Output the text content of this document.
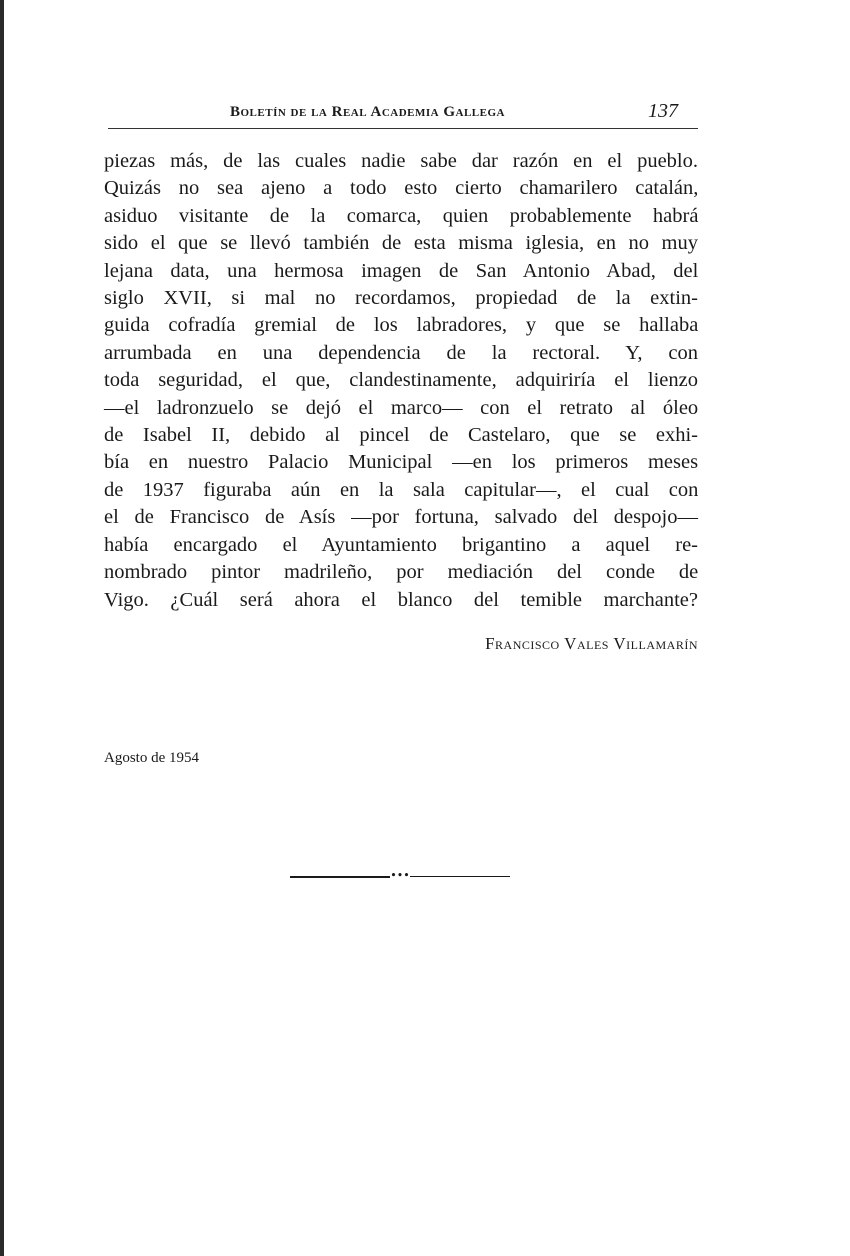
Boletín de la Real Academia Gallega	137
piezas más, de las cuales nadie sabe dar razón en el pueblo.
Quizás no sea ajeno a todo esto cierto chamarilero catalán,
asiduo visitante de la comarca, quien probablemente habrá
sido el que se llevó también de esta misma iglesia, en no muy
lejana data, una hermosa imagen de San Antonio Abad, del
siglo XVII, si mal no recordamos, propiedad de la extin-
guida cofradía gremial de los labradores, y que se hallaba
arrumbada en una dependencia de la rectoral. Y, con
toda seguridad, el que, clandestinamente, adquiriría el lienzo
—el ladronzuelo se dejó el marco— con el retrato al óleo
de Isabel II, debido al pincel de Castelaro, que se exhi-
bía en nuestro Palacio Municipal —en los primeros meses
de 1937 figuraba aún en la sala capitular—, el cual con
el de Francisco de Asís —por fortuna, salvado del despojo—
había encargado el Ayuntamiento brigantino a aquel re-
nombrado pintor madrileño, por mediación del conde de
Vigo. ¿Cuál será ahora el blanco del temible marchante?
Francisco Vales Villamarín
Agosto de 1954
•••
